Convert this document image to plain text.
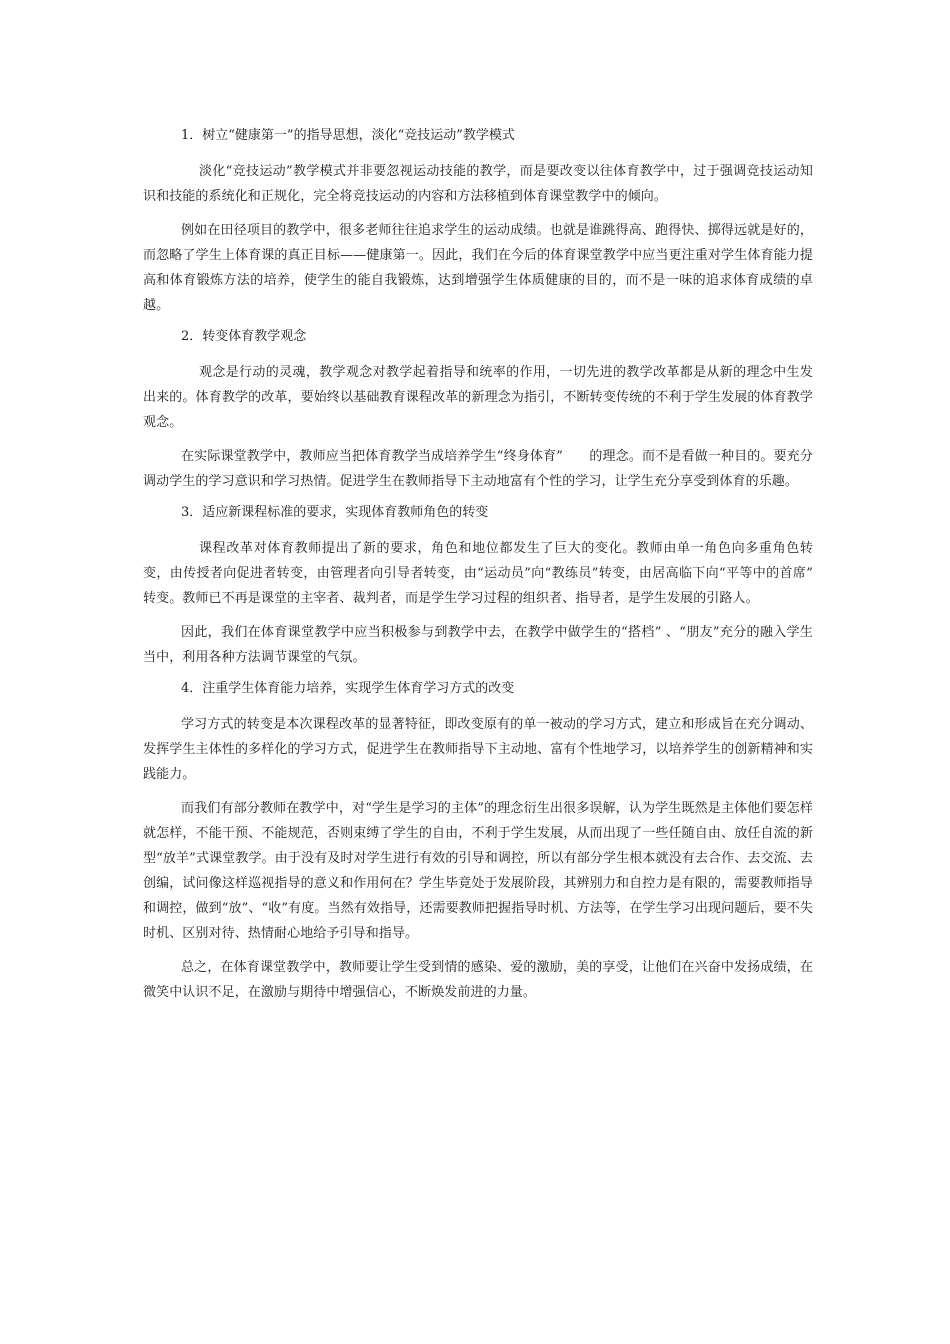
1．树立“健康第一”的指导思想，淡化“竞技运动”教学模式

淡化“竞技运动”教学模式并非要忽视运动技能的教学，而是要改变以往体育教学中，过于强调竞技运动知识和技能的系统化和正规化，完全将竞技运动的内容和方法移植到体育课堂教学中的倾向。

例如在田径项目的教学中，很多老师往往追求学生的运动成绩。也就是谁跳得高、跑得快、掷得远就是好的，而忽略了学生上体育课的真正目标——健康第一。因此，我们在今后的体育课堂教学中应当更注重对学生体育能力提高和体育锻炼方法的培养，使学生的能自我锻炼，达到增强学生体质健康的目的，而不是一味的追求体育成绩的卓越。

2．转变体育教学观念

观念是行动的灵魂，教学观念对教学起着指导和统率的作用，一切先进的教学改革都是从新的理念中生发出来的。体育教学的改革，要始终以基础教育课程改革的新理念为指引，不断转变传统的不利于学生发展的体育教学观念。

在实际课堂教学中，教师应当把体育教学当成培养学生“终身体育”　　的理念。而不是看做一种目的。要充分调动学生的学习意识和学习热情。促进学生在教师指导下主动地富有个性的学习，让学生充分享受到体育的乐趣。

3．适应新课程标准的要求，实现体育教师角色的转变

课程改革对体育教师提出了新的要求，角色和地位都发生了巨大的变化。教师由单一角色向多重角色转变，由传授者向促进者转变，由管理者向引导者转变，由“运动员”向“教练员”转变，由居高临下向“平等中的首席” 转变。教师已不再是课堂的主宰者、裁判者，而是学生学习过程的组织者、指导者，是学生发展的引路人。

因此，我们在体育课堂教学中应当积极参与到教学中去，在教学中做学生的“搭档” 、“朋友”充分的融入学生当中，利用各种方法调节课堂的气氛。

4．注重学生体育能力培养，实现学生体育学习方式的改变

学习方式的转变是本次课程改革的显著特征，即改变原有的单一被动的学习方式，建立和形成旨在充分调动、发挥学生主体性的多样化的学习方式，促进学生在教师指导下主动地、富有个性地学习，以培养学生的创新精神和实践能力。

而我们有部分教师在教学中，对“学生是学习的主体”的理念衍生出很多误解，认为学生既然是主体他们要怎样就怎样，不能干预、不能规范，否则束缚了学生的自由，不利于学生发展，从而出现了一些任随自由、放任自流的新型“放羊”式课堂教学。由于没有及时对学生进行有效的引导和调控，所以有部分学生根本就没有去合作、去交流、去创编，试问像这样巡视指导的意义和作用何在？学生毕竟处于发展阶段，其辨别力和自控力是有限的，需要教师指导和调控，做到“放”、“收”有度。当然有效指导，还需要教师把握指导时机、方法等，在学生学习出现问题后，要不失时机、区别对待、热情耐心地给予引导和指导。

总之，在体育课堂教学中，教师要让学生受到情的感染、爱的激励，美的享受，让他们在兴奋中发扬成绩，在微笑中认识不足，在激励与期待中增强信心，不断焕发前进的力量。
